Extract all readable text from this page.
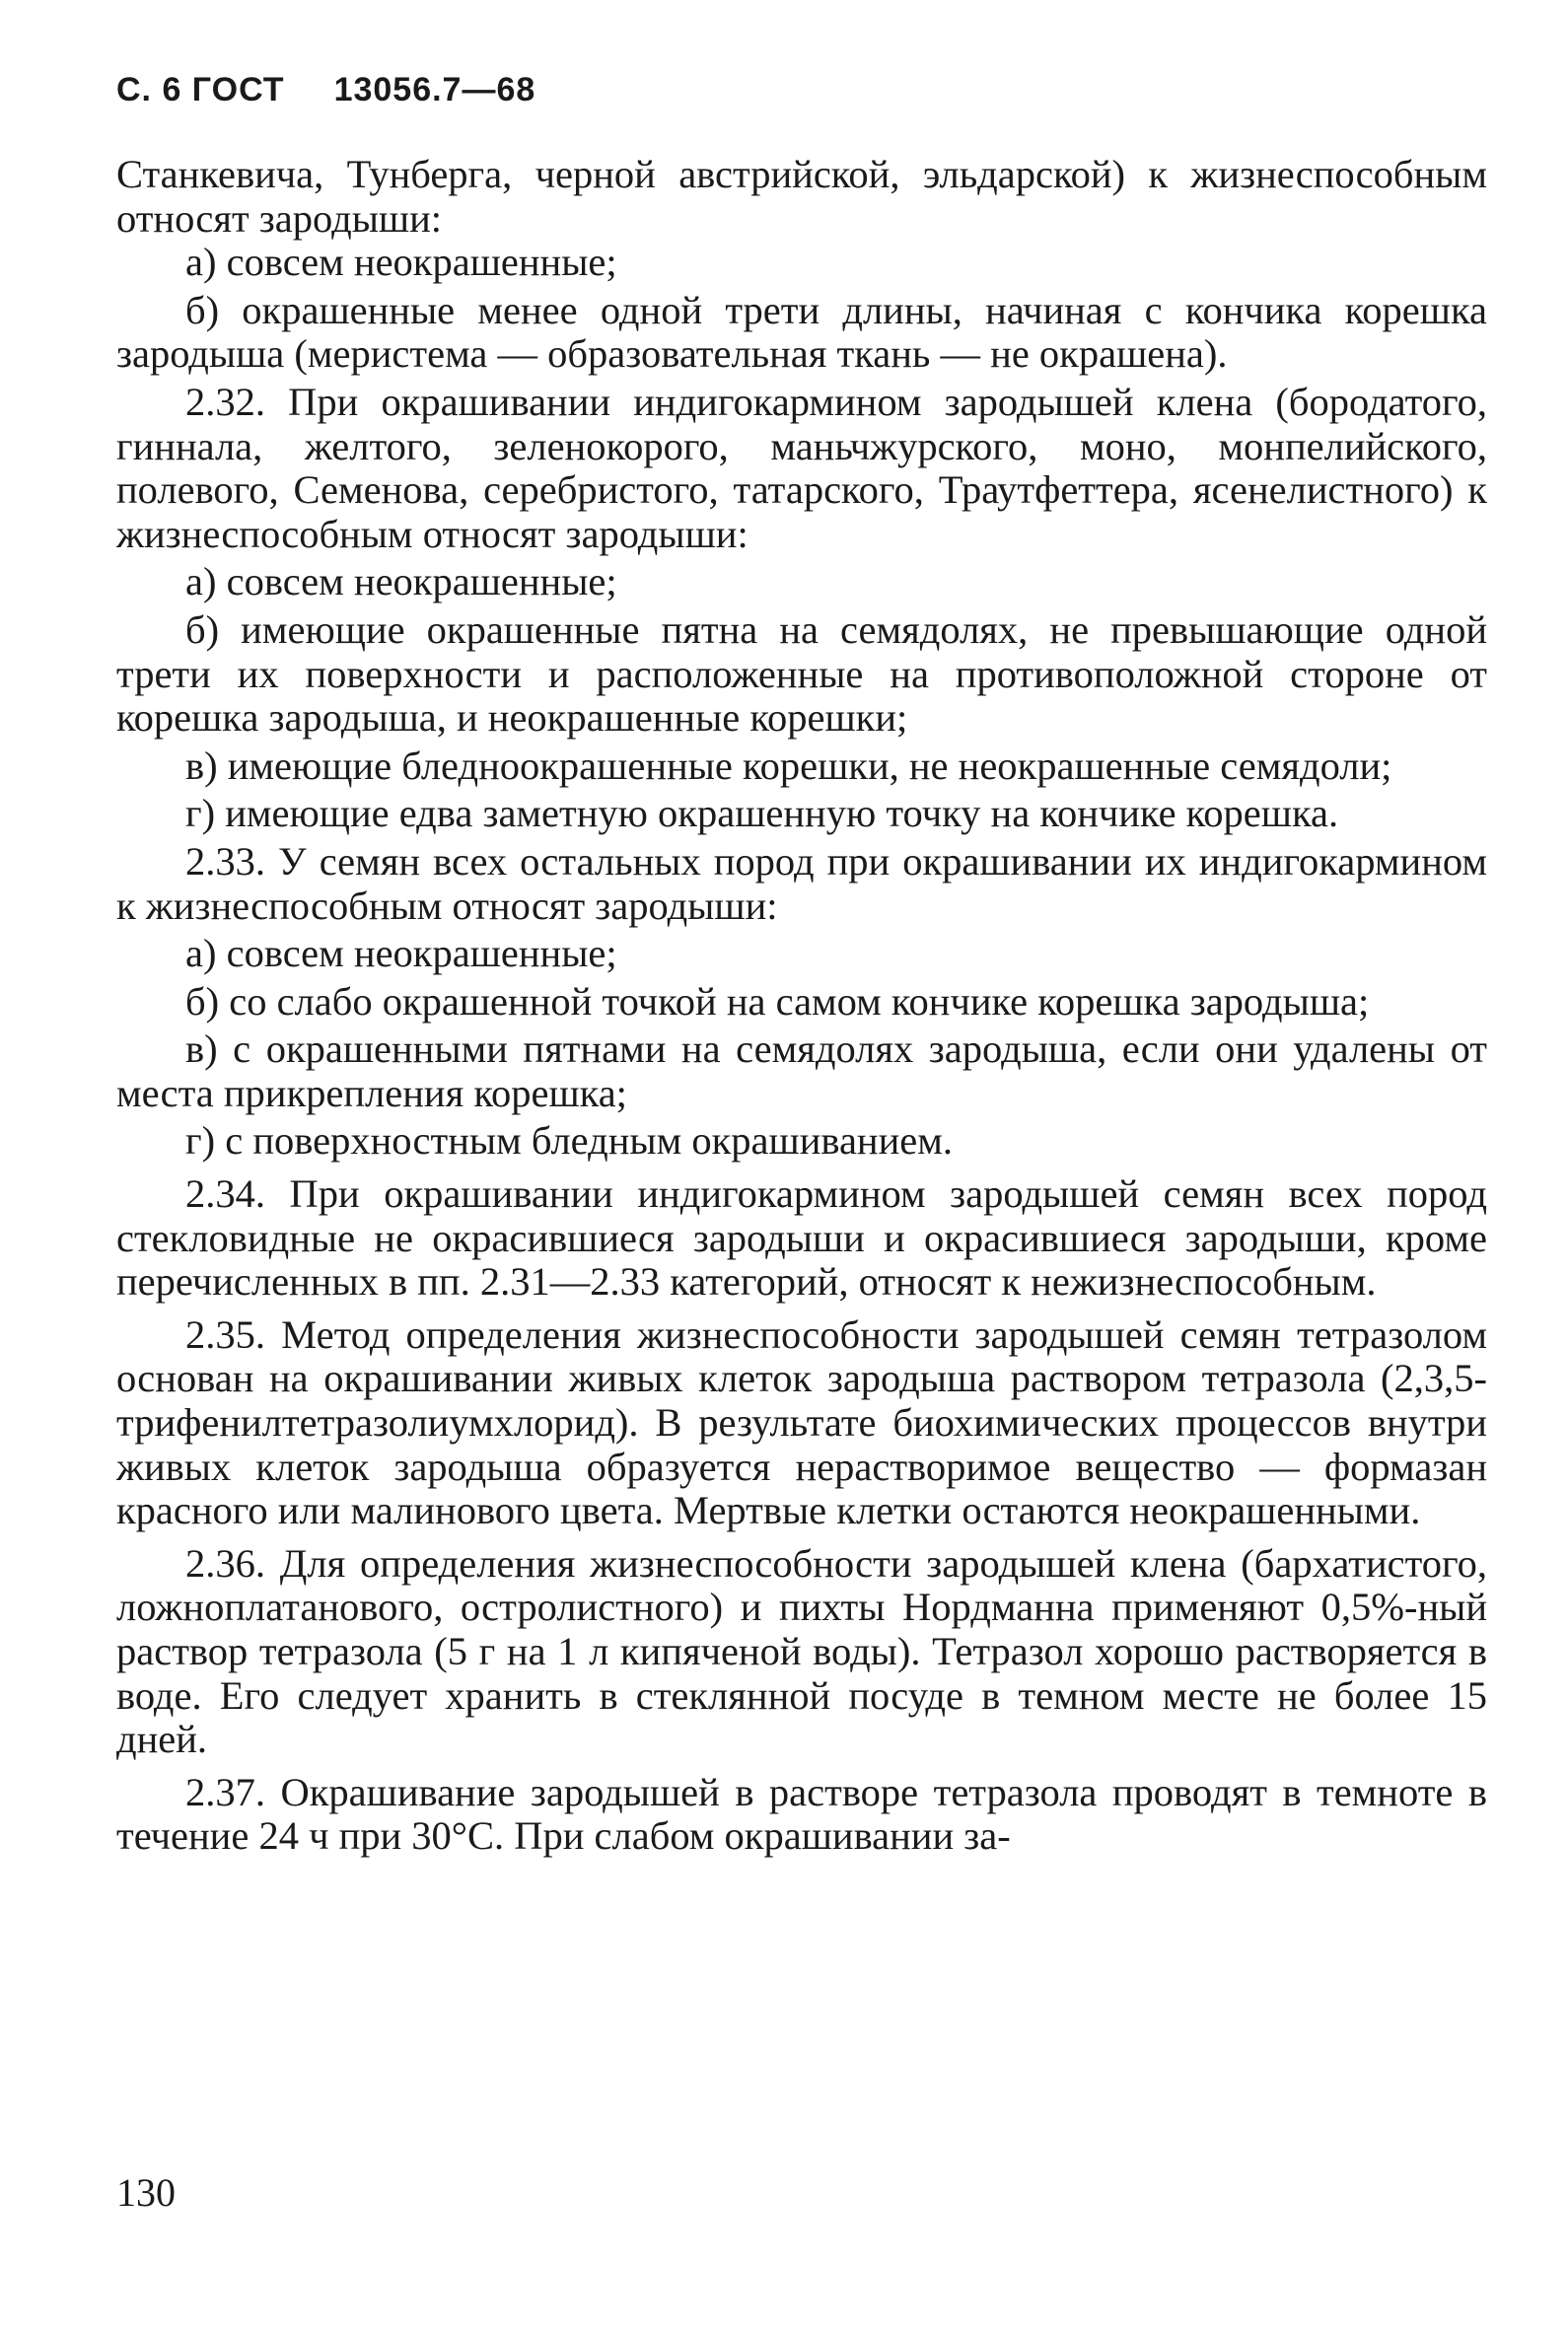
С. 6 ГОСТ 13056.7—68

Станкевича, Тунберга, черной австрийской, эльдарской) к жизнеспособным относят зародыши:

а) совсем неокрашенные;

б) окрашенные менее одной трети длины, начиная с кончика корешка зародыша (меристема — образовательная ткань — не окрашена).

2.32. При окрашивании индигокармином зародышей клена (бородатого, гиннала, желтого, зеленокорого, маньчжурского, моно, монпелийского, полевого, Семенова, серебристого, татарского, Траутфеттера, ясенелистного) к жизнеспособным относят зародыши:

а) совсем неокрашенные;

б) имеющие окрашенные пятна на семядолях, не превышающие одной трети их поверхности и расположенные на противоположной стороне от корешка зародыша, и неокрашенные корешки;

в) имеющие бледноокрашенные корешки, не неокрашенные семядоли;

г) имеющие едва заметную окрашенную точку на кончике корешка.

2.33. У семян всех остальных пород при окрашивании их индигокармином к жизнеспособным относят зародыши:

а) совсем неокрашенные;

б) со слабо окрашенной точкой на самом кончике корешка зародыша;

в) с окрашенными пятнами на семядолях зародыша, если они удалены от места прикрепления корешка;

г) с поверхностным бледным окрашиванием.

2.34. При окрашивании индигокармином зародышей семян всех пород стекловидные не окрасившиеся зародыши и окрасившиеся зародыши, кроме перечисленных в пп. 2.31—2.33 категорий, относят к нежизнеспособным.

2.35. Метод определения жизнеспособности зародышей семян тетразолом основан на окрашивании живых клеток зародыша раствором тетразола (2,3,5-трифенилтетразолиумхлорид). В результате биохимических процессов внутри живых клеток зародыша образуется нерастворимое вещество — формазан красного или малинового цвета. Мертвые клетки остаются неокрашенными.

2.36. Для определения жизнеспособности зародышей клена (бархатистого, ложноплатанового, остролистного) и пихты Нордманна применяют 0,5%-ный раствор тетразола (5 г на 1 л кипяченой воды). Тетразол хорошо растворяется в воде. Его следует хранить в стеклянной посуде в темном месте не более 15 дней.

2.37. Окрашивание зародышей в растворе тетразола проводят в темноте в течение 24 ч при 30°С. При слабом окрашивании за-

130
